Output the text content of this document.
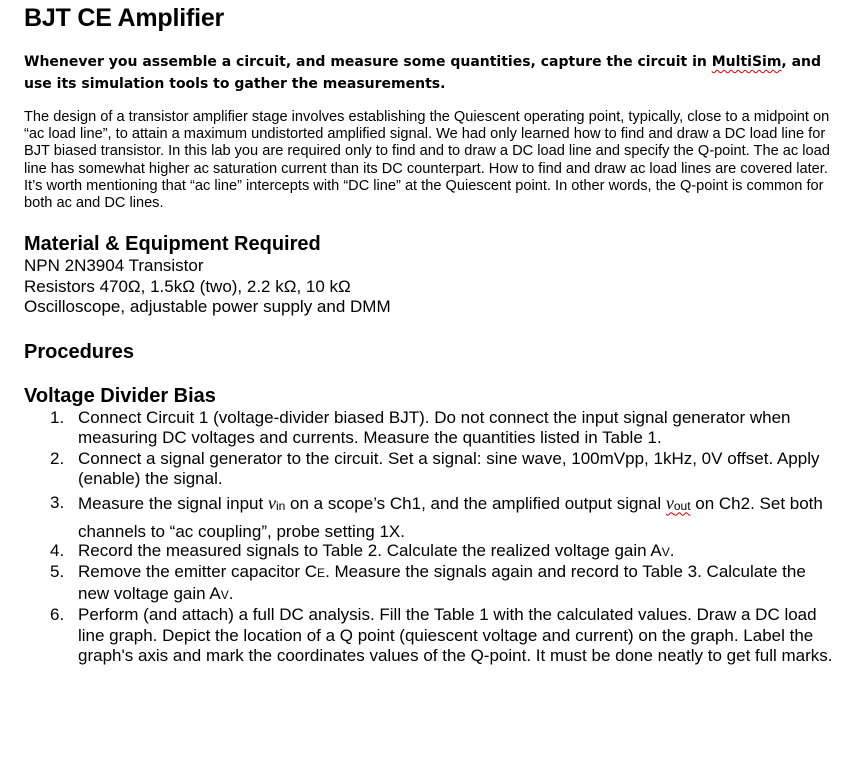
BJT CE Amplifier

Whenever you assemble a circuit, and measure some quantities, capture the circuit in MultiSim, and use its simulation tools to gather the measurements.

The design of a transistor amplifier stage involves establishing the Quiescent operating point, typically, close to a midpoint on “ac load line”, to attain a maximum undistorted amplified signal. We had only learned how to find and draw a DC load line for BJT biased transistor. In this lab you are required only to find and to draw a DC load line and specify the Q-point. The ac load line has somewhat higher ac saturation current than its DC counterpart. How to find and draw ac load lines are covered later. It’s worth mentioning that “ac line” intercepts with “DC line” at the Quiescent point. In other words, the Q-point is common for both ac and DC lines.

Material & Equipment Required

NPN 2N3904 Transistor

Resistors 470Ω, 1.5kΩ (two), 2.2 kΩ, 10 kΩ

Oscilloscope, adjustable power supply and DMM

Procedures
Voltage Divider Bias
1. Connect Circuit 1 (voltage-divider biased BJT). Do not connect the input signal generator when measuring DC voltages and currents. Measure the quantities listed in Table 1.
2. Connect a signal generator to the circuit. Set a signal: sine wave, 100mVpp, 1kHz, 0V offset. Apply (enable) the signal.
3. Measure the signal input vin on a scope’s Ch1, and the amplified output signal vout on Ch2. Set both channels to “ac coupling”, probe setting 1X.
4. Record the measured signals to Table 2. Calculate the realized voltage gain AV.
5. Remove the emitter capacitor CE. Measure the signals again and record to Table 3. Calculate the new voltage gain AV.
6. Perform (and attach) a full DC analysis. Fill the Table 1 with the calculated values. Draw a DC load line graph. Depict the location of a Q point (quiescent voltage and current) on the graph. Label the graph's axis and mark the coordinates values of the Q-point. It must be done neatly to get full marks.
